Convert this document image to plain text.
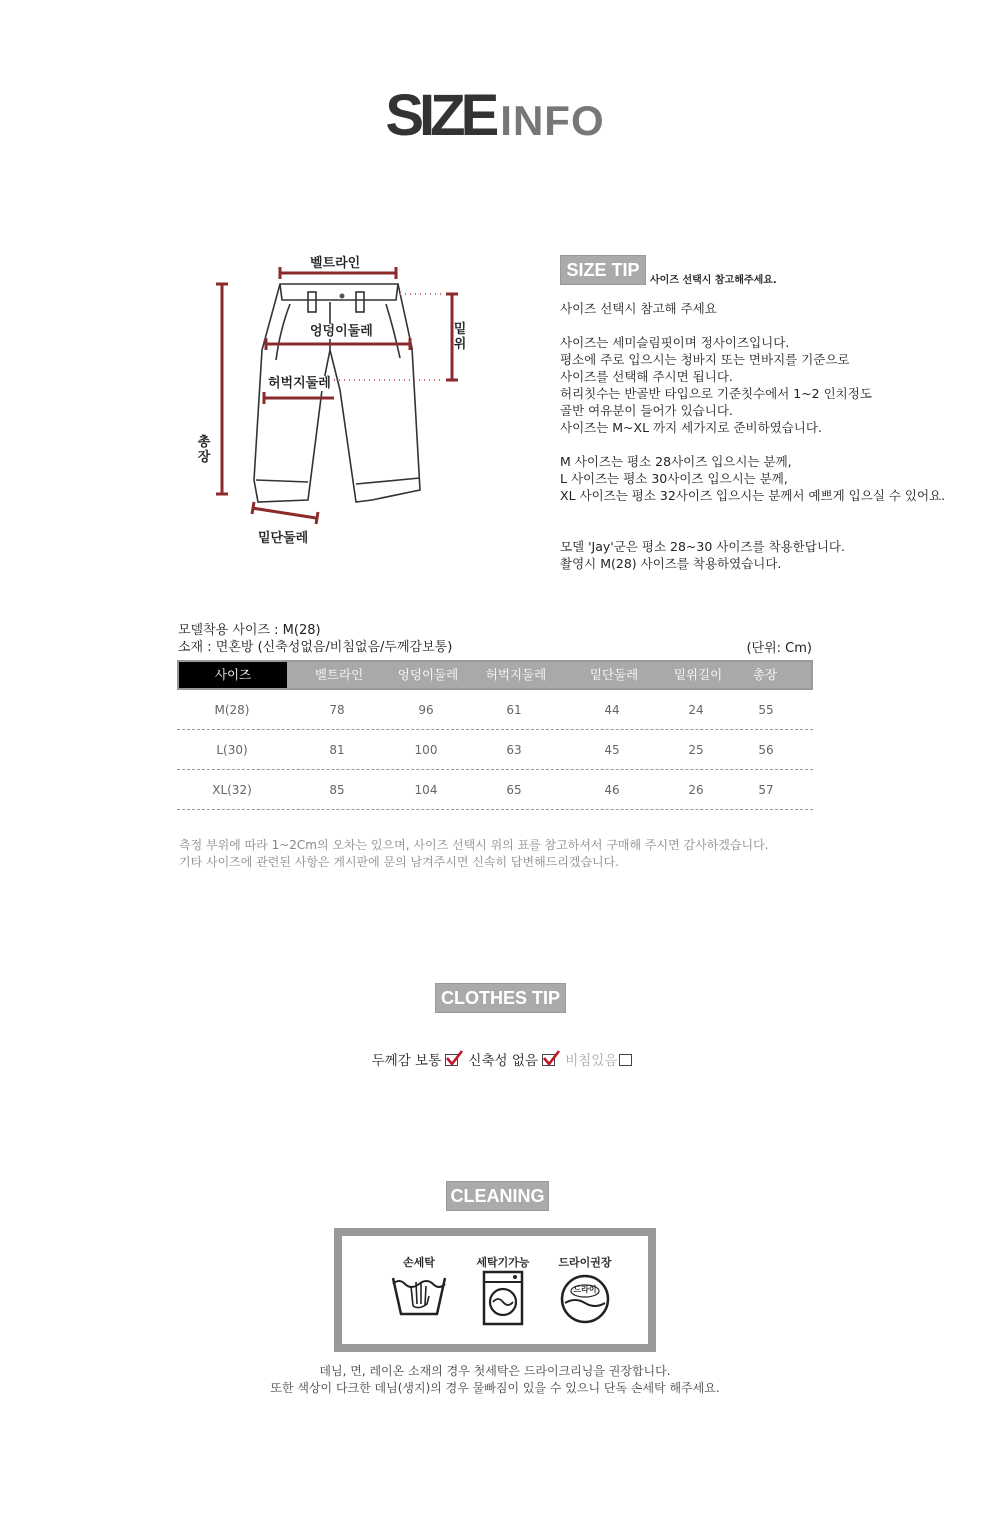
SIZE INFO
벨트라인
엉덩이둘레
허벅지둘레
밑단둘레
밑위
총장
SIZE TIP
사이즈 선택시 참고해주세요.

사이즈 선택시 참고해 주세요

사이즈는 세미슬림핏이며 정사이즈입니다.

평소에 주로 입으시는 청바지 또는 면바지를 기준으로

사이즈를 선택해 주시면 됩니다.

허리칫수는 반골반 타입으로 기준칫수에서 1~2 인치정도

골반 여유분이 들어가 있습니다.

사이즈는 M~XL 까지 세가지로 준비하였습니다.

M 사이즈는 평소 28사이즈 입으시는 분께,

L 사이즈는 평소 30사이즈 입으시는 분께,

XL 사이즈는 평소 32사이즈 입으시는 분께서 예쁘게 입으실 수 있어요.

모델 'Jay'군은 평소 28~30 사이즈를 착용한답니다.

촬영시 M(28) 사이즈를 착용하였습니다.

모델착용 사이즈 : M(28)
소재 : 면혼방 (신축성없음/비침없음/두께감보통)	(단위: Cm)
사이즈	벨트라인	엉덩이둘레	허벅지둘레	밑단둘레	밑위길이	총장
M(28)	78	96	61	44	24	55
L(30)	81	100	63	45	25	56
XL(32)	85	104	65	46	26	57
측정 부위에 따라 1~2Cm의 오차는 있으며, 사이즈 선택시 위의 표를 참고하셔서 구매해 주시면 감사하겠습니다.
기타 사이즈에 관련된 사항은 게시판에 문의 남겨주시면 신속히 답변해드리겠습니다.
CLOTHES TIP
두께감 보통 신축성 없음 비침있음
CLEANING
손세탁	세탁기가능	드라이권장
드라이
데님, 면, 레이온 소재의 경우 첫세탁은 드라이크리닝을 권장합니다.
또한 색상이 다크한 데님(생지)의 경우 물빠짐이 있을 수 있으니 단독 손세탁 해주세요.
